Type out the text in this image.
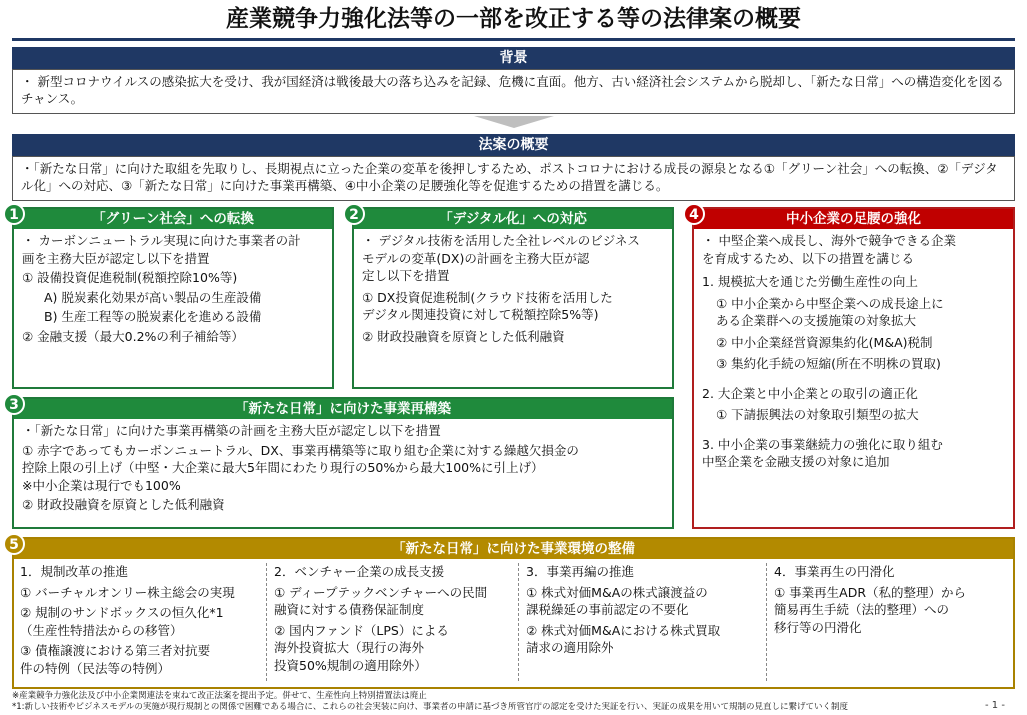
産業競争力強化法等の一部を改正する等の法律案の概要
背景
・ 新型コロナウイルスの感染拡大を受け、我が国経済は戦後最大の落ち込みを記録、危機に直面。他方、古い経済社会システムから脱却し、「新たな日常」への構造変化を図るチャンス。
法案の概要
・「新たな日常」に向けた取組を先取りし、長期視点に立った企業の変革を後押しするため、ポストコロナにおける成長の源泉となる①「グリーン社会」への転換、②「デジタル化」への対応、③「新たな日常」に向けた事業再構築、④中小企業の足腰強化等を促進するための措置を講じる。
「グリーン社会」への転換

・ カーボンニュートラル実現に向けた事業者の計
画を主務大臣が認定し以下を措置

① 設備投資促進税制(税額控除10%等)

A) 脱炭素化効果が高い製品の生産設備

B) 生産工程等の脱炭素化を進める設備

② 金融支援（最大0.2%の利子補給等）

1	「デジタル化」への対応

・ デジタル技術を活用した全社レベルのビジネス
モデルの変革(DX)の計画を主務大臣が認
定し以下を措置

① DX投資促進税制(クラウド技術を活用した
デジタル関連投資に対して税額控除5%等)

② 財政投融資を原資とした低利融資

2
「新たな日常」に向けた事業再構築

・「新たな日常」に向けた事業再構築の計画を主務大臣が認定し以下を措置

① 赤字であってもカーボンニュートラル、DX、事業再構築等に取り組む企業に対する繰越欠損金の
控除上限の引上げ（中堅・大企業に最大5年間にわたり現行の50%から最大100%に引上げ）
※中小企業は現行でも100%

② 財政投融資を原資とした低利融資

3
中小企業の足腰の強化

・ 中堅企業へ成長し、海外で競争できる企業
を育成するため、以下の措置を講じる

1. 規模拡大を通じた労働生産性の向上

① 中小企業から中堅企業への成長途上に
ある企業群への支援施策の対象拡大

② 中小企業経営資源集約化(M&A)税制

③ 集約化手続の短縮(所在不明株の買取)

2. 大企業と中小企業との取引の適正化

① 下請振興法の対象取引類型の拡大

3. 中小企業の事業継続力の強化に取り組む
中堅企業を金融支援の対象に追加

4
「新たな日常」に向けた事業環境の整備

1．規制改革の推進

① バーチャルオンリー株主総会の実現

② 規制のサンドボックスの恒久化*1
（生産性特措法からの移管）

③ 債権譲渡における第三者対抗要
件の特例（民法等の特例）

2．ベンチャー企業の成長支援

① ディープテックベンチャーへの民間
融資に対する債務保証制度

② 国内ファンド（LPS）による
海外投資拡大（現行の海外
投資50%規制の適用除外）

3．事業再編の推進

① 株式対価M&Aの株式譲渡益の
課税繰延の事前認定の不要化

② 株式対価M&Aにおける株式買取
請求の適用除外

4．事業再生の円滑化

① 事業再生ADR（私的整理）から
簡易再生手続（法的整理）への
移行等の円滑化

5
※産業競争力強化法及び中小企業関連法を束ねて改正法案を提出予定。併せて、生産性向上特別措置法は廃止
*1:新しい技術やビジネスモデルの実施が現行規制との関係で困難である場合に、これらの社会実装に向け、事業者の申請に基づき所管官庁の認定を受けた実証を行い、実証の成果を用いて規制の見直しに繋げていく制度	- 1 -
